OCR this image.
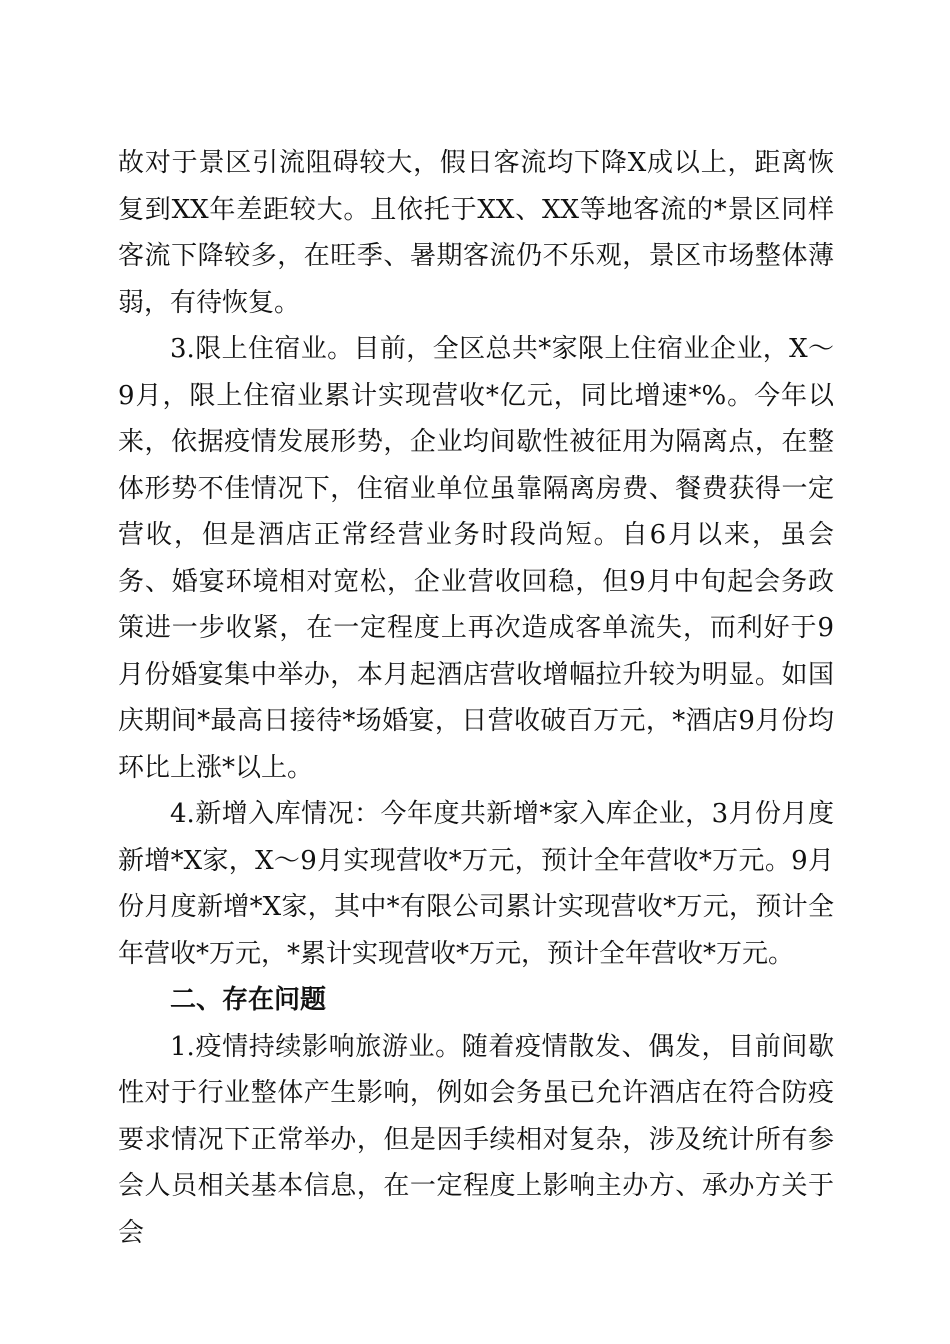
故对于景区引流阻碍较大，假日客流均下降X成以上，距离恢复到XX年差距较大。且依托于XX、XX等地客流的*景区同样客流下降较多，在旺季、暑期客流仍不乐观，景区市场整体薄弱，有待恢复。

3.限上住宿业。目前，全区总共*家限上住宿业企业，X～9月，限上住宿业累计实现营收*亿元，同比增速*%。今年以来，依据疫情发展形势，企业均间歇性被征用为隔离点，在整体形势不佳情况下，住宿业单位虽靠隔离房费、餐费获得一定营收，但是酒店正常经营业务时段尚短。自6月以来，虽会务、婚宴环境相对宽松，企业营收回稳，但9月中旬起会务政策进一步收紧，在一定程度上再次造成客单流失，而利好于9月份婚宴集中举办，本月起酒店营收增幅拉升较为明显。如国庆期间*最高日接待*场婚宴，日营收破百万元，*酒店9月份均环比上涨*以上。

4.新增入库情况：今年度共新增*家入库企业，3月份月度新增*X家，X～9月实现营收*万元，预计全年营收*万元。9月份月度新增*X家，其中*有限公司累计实现营收*万元，预计全年营收*万元，*累计实现营收*万元，预计全年营收*万元。

二、存在问题

1.疫情持续影响旅游业。随着疫情散发、偶发，目前间歇性对于行业整体产生影响，例如会务虽已允许酒店在符合防疫要求情况下正常举办，但是因手续相对复杂，涉及统计所有参会人员相关基本信息，在一定程度上影响主办方、承办方关于会
